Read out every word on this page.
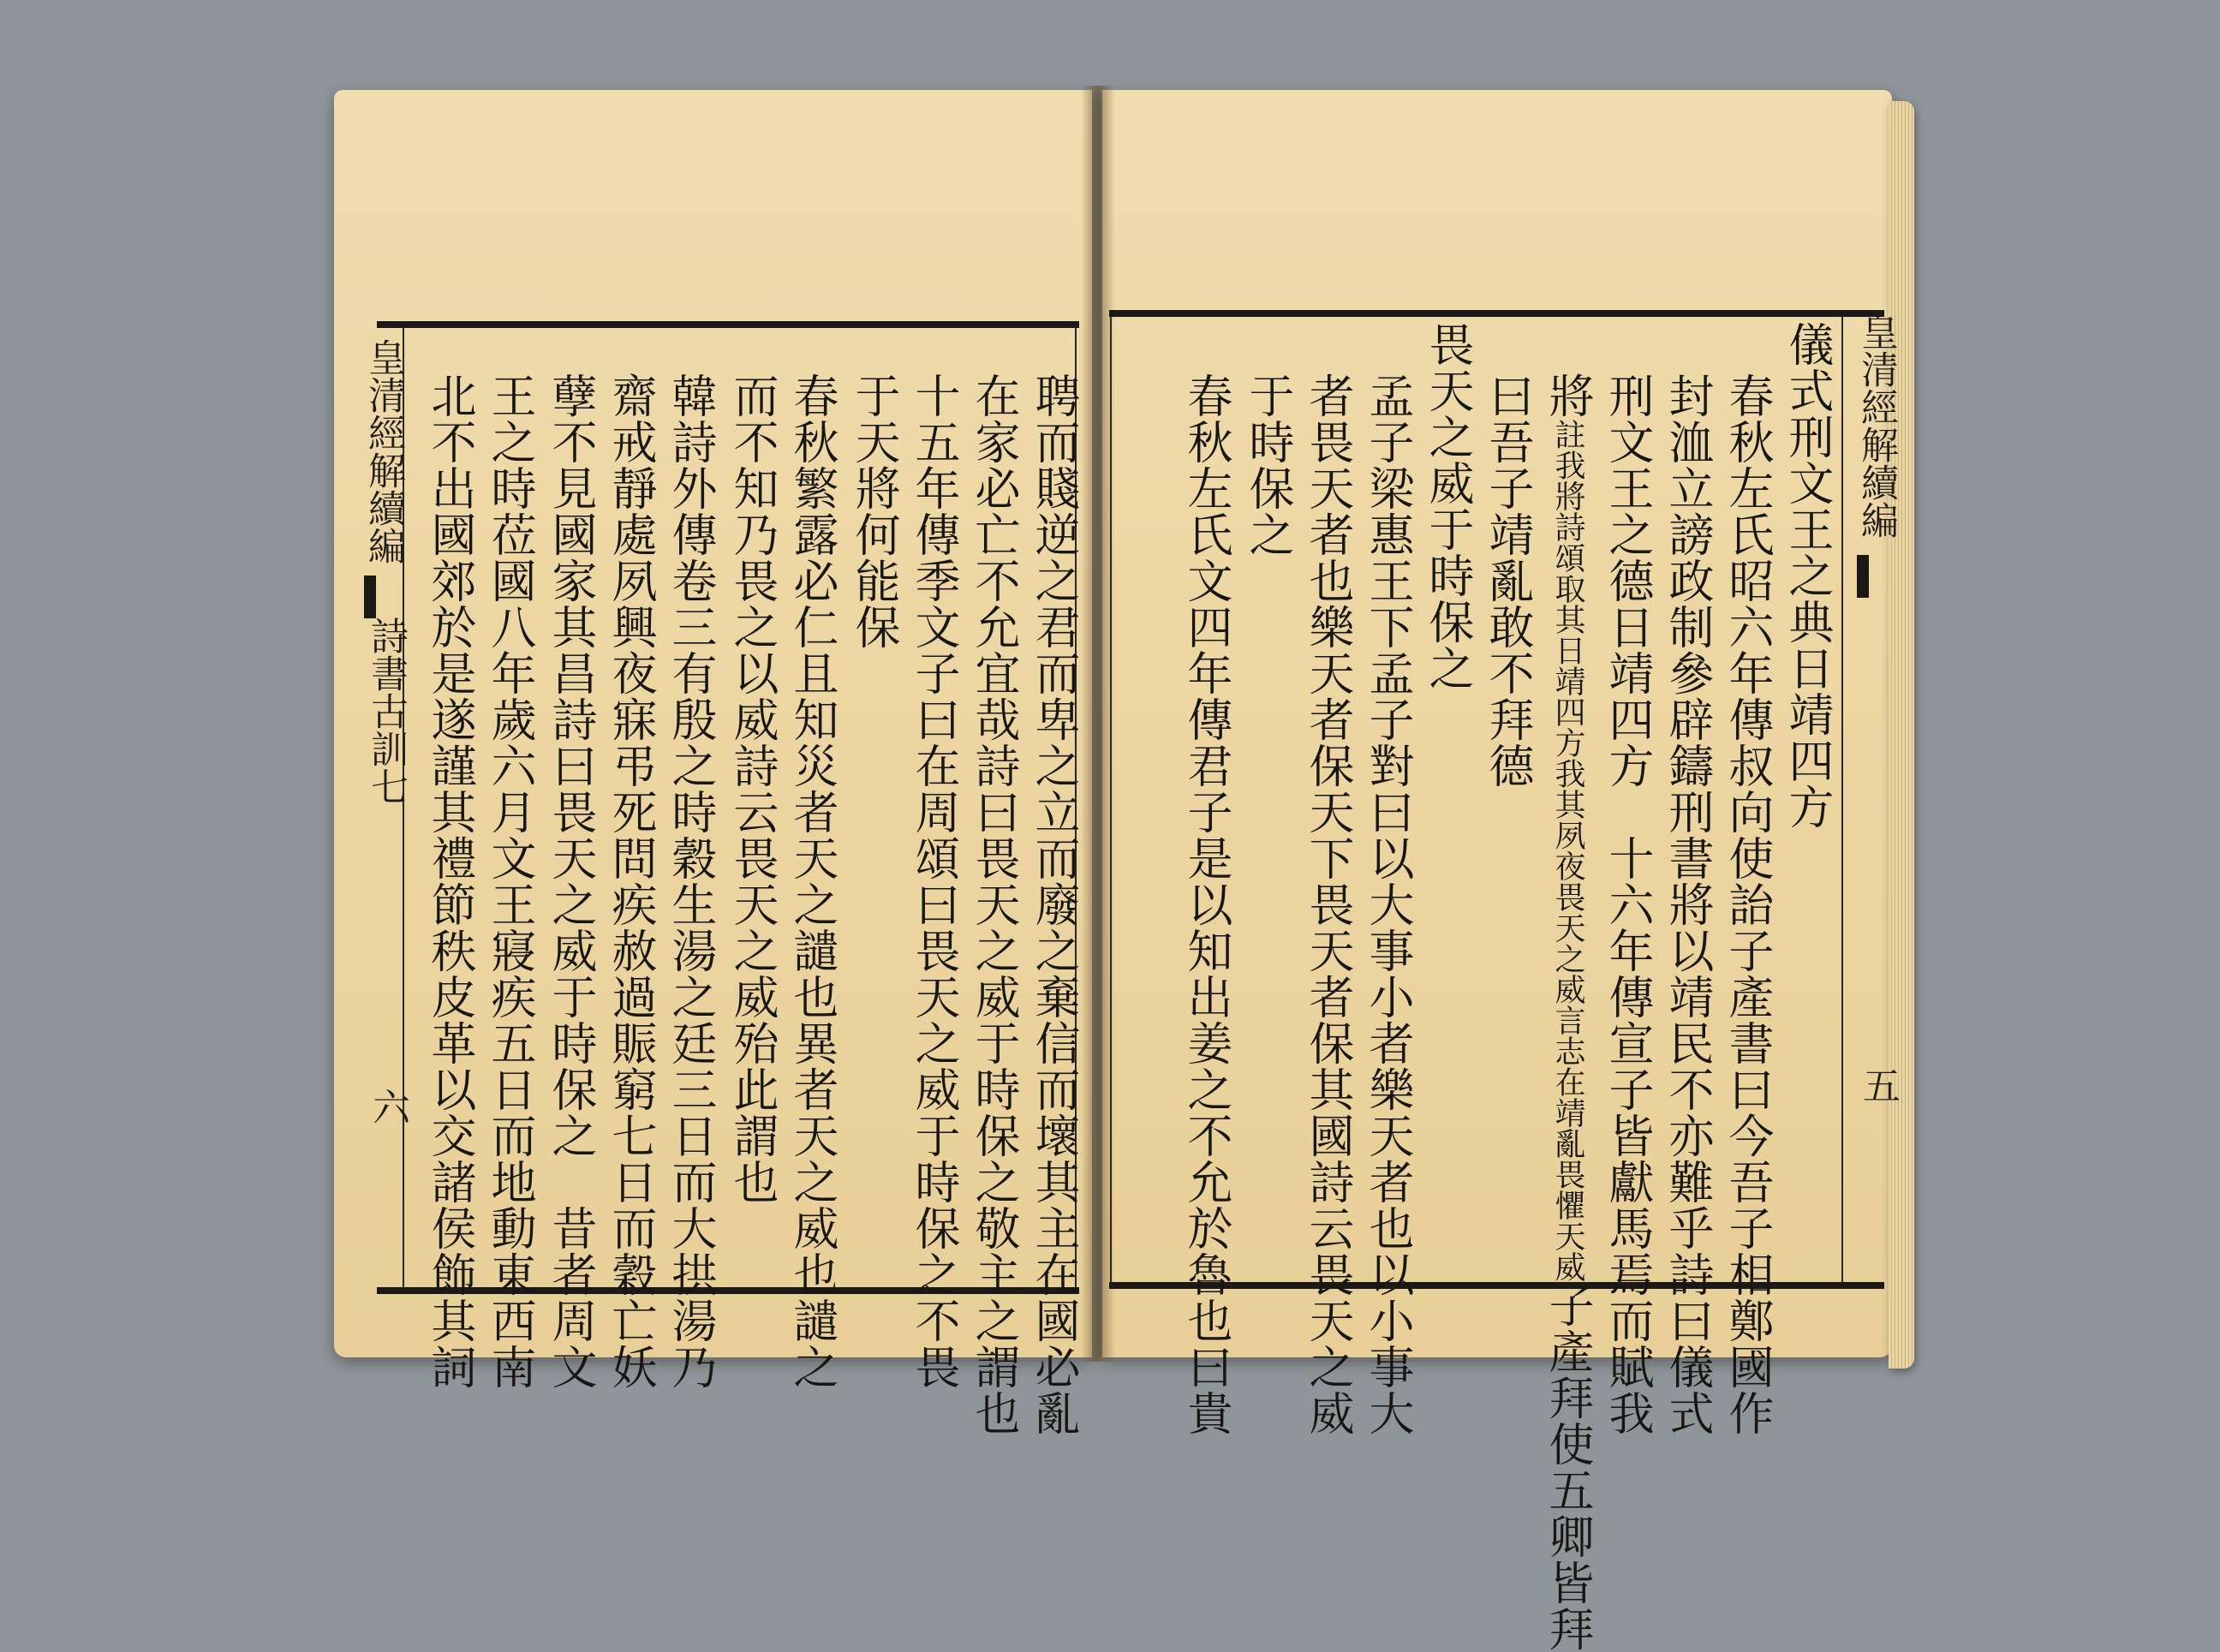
皇清經解續編
詩書古訓七
六	聘而賤逆之君而卑之立而廢之棄信而壞其主在國必亂
在家必亡不允宜哉詩曰畏天之威于時保之敬主之謂也
十五年傳季文子曰在周頌曰畏天之威于時保之不畏
于天將何能保
春秋繁露必仁且知災者天之譴也異者天之威也譴之
而不知乃畏之以威詩云畏天之威殆此謂也
韓詩外傳卷三有殷之時穀生湯之廷三日而大拱湯乃
齋戒靜處夙興夜寐弔死問疾赦過賑窮七日而穀亡妖
孽不見國家其昌詩曰畏天之威于時保之　昔者周文
王之時莅國八年歲六月文王寢疾五日而地動東西南
北不出國郊於是遂謹其禮節秩皮革以交諸侯飾其詞	皇清經解續編
五
儀式刑文王之典日靖四方
春秋左氏昭六年傳叔向使詒子產書曰今吾子相鄭國作
封洫立謗政制參辟鑄刑書將以靖民不亦難乎詩曰儀式
刑文王之德日靖四方　十六年傳宣子皆獻馬焉而賦我
將註我將詩頌取其日靖四方我其夙夜畏天之威言志在靖亂畏懼天威子產拜使五卿皆拜
曰吾子靖亂敢不拜德
畏天之威于時保之
孟子梁惠王下孟子對曰以大事小者樂天者也以小事大
者畏天者也樂天者保天下畏天者保其國詩云畏天之威
于時保之
春秋左氏文四年傳君子是以知出姜之不允於魯也曰貴
